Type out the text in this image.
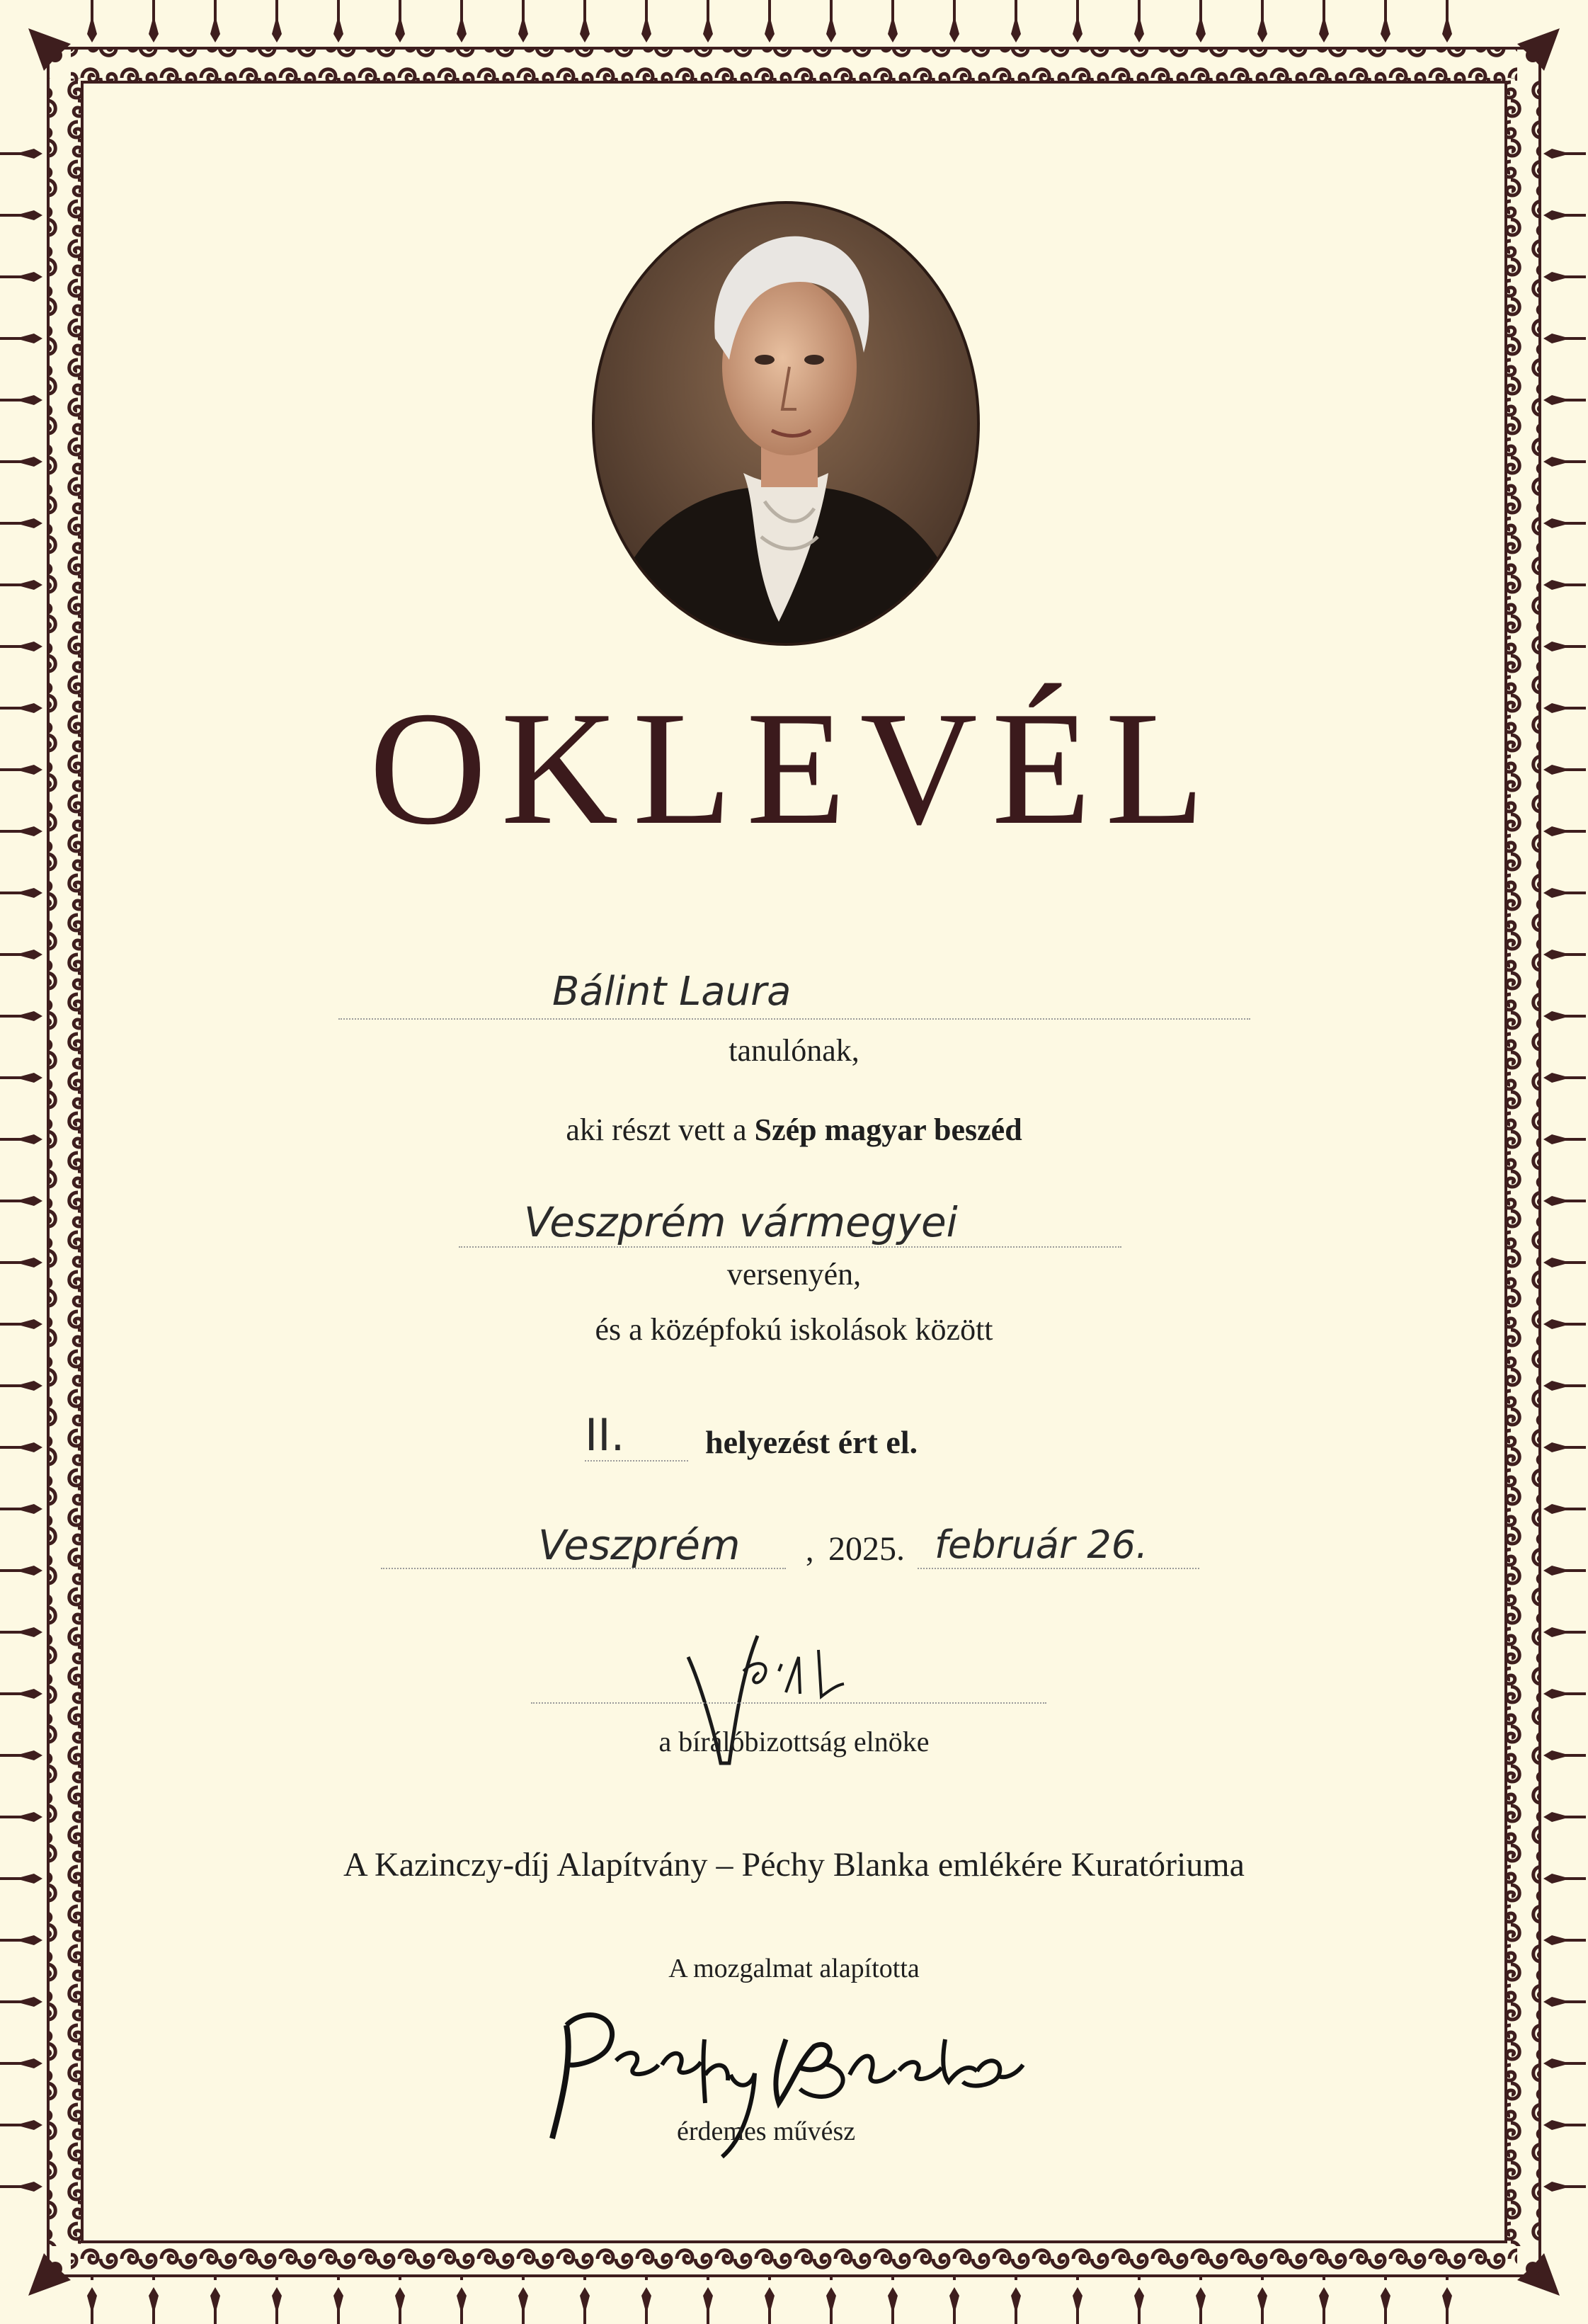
OKLEVÉL
Bálint Laura
tanulónak,
aki részt vett a Szép magyar beszéd
Veszprém vármegyei
versenyén,
és a középfokú iskolások között
II. helyezést ért el.
Veszprém , 2025. február 26.
a bírálóbizottság elnöke
A Kazinczy-díj Alapítvány – Péchy Blanka emlékére Kuratóriuma
A mozgalmat alapította
érdemes művész
